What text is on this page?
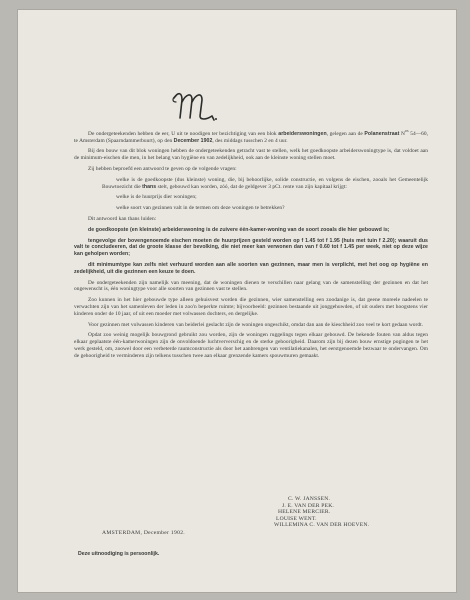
De ondergeteekenden hebben de eer, U uit te noodigen ter bezichtiging van een blok arbeiderswoningen, gelegen aan de Polanenstraat $N^{os}$ 54—60, te Amsterdam (Spaarndammerbuurt), op den December 1902, des middags tusschen 2 en 4 uur.

Bij den bouw van dit blok woningen hebben de ondergeteekenden getracht vast te stellen, welk het goedkoopste arbeiderswoningtype is, dat voldoet aan de minimum-eischen die men, in het belang van hygiëne en van zedelijkheid, ook aan de kleinste woning stellen moet.

Zij hebben beproefd een antwoord te geven op de volgende vragen:

welke is de goedkoopste (dus kleinste) woning, die, bij behoorlijke, solide constructie, en volgens de eischen, zooals het Gemeentelijk Bouwtoezicht die thans stelt, gebouwd kan worden, zóó, dat de geldgever 3 pCt. rente van zijn kapitaal krijgt:

welke is de huurprijs dier woningen;

welke soort van gezinnen valt in de termen om deze woningen te betrekken?

Dit antwoord kan thans luiden:

de goedkoopste (en kleinste) arbeiderswoning is de zuivere één-kamer-woning van de soort zooals die hier gebouwd is;

tengevolge der bovengenoemde eischen moeten de huurprijzen gesteld worden op f 1.45 tot f 1.95 (huis met tuin f 2.20); waaruit dus valt te concludeeren, dat de groote klasse der bevolking, die niet meer kan verwonen dan van f 0.60 tot f 1.45 per week, niet op deze wijze kan geholpen worden;

dit minimumtype kan zelfs niet verhuurd worden aan alle soorten van gezinnen, maar men is verplicht, met het oog op hygiëne en zedelijkheid, uit die gezinnen een keuze te doen.

De ondergeteekenden zijn namelijk van meening, dat de woningen dienen te verschillen naar gelang van de samenstelling der gezinnen en dat het ongewenscht is, één woningtype voor alle soorten van gezinnen vast te stellen.

Zoo kunnen in het hier gebouwde type alleen gehuisvest worden die gezinnen, wier samenstelling een zoodanige is, dat geene moreele nadeelen te verwachten zijn van het samenleven der leden in zoo'n beperkte ruimte; bijvoorbeeld: gezinnen bestaande uit jonggehuwden, of uit ouders met hoogstens vier kinderen onder de 10 jaar, of uit een moeder met volwassen dochters, en dergelijke.

Voor gezinnen met volwassen kinderen van beiderlei geslacht zijn de woningen ongeschikt, omdat dan aan de kieschheid zoo veel te kort gedaan wordt.

Opdat zoo weinig mogelijk bouwgrond gebruikt zou worden, zijn de woningen ruggelings tegen elkaar gebouwd. De bekende fouten van aldus tegen elkaar geplaatste één-kamerwoningen zijn de onvoldoende luchtververschig en de sterke gehoorigheid. Daarom zijn bij dezen bouw ernstige pogingen te het werk gesteld, om, zoowel door een verbeterde raumconstructie als door het aanbrengen van ventilatiekanalen, het eerstgenoemde bezwaar te ondervangen. Om de gehoorigheid te verminderen zijn telkens tusschen twee aan elkaar grenzende kamers spouwmuren gemaakt.

C. W. JANSSEN.
J. E. VAN DER PEK.
HELENE MERCIER.
LOUISE WENT.
WILLEMINA C. VAN DER HOEVEN.
AMSTERDAM, December 1902.
Deze uitnoodiging is persoonlijk.
